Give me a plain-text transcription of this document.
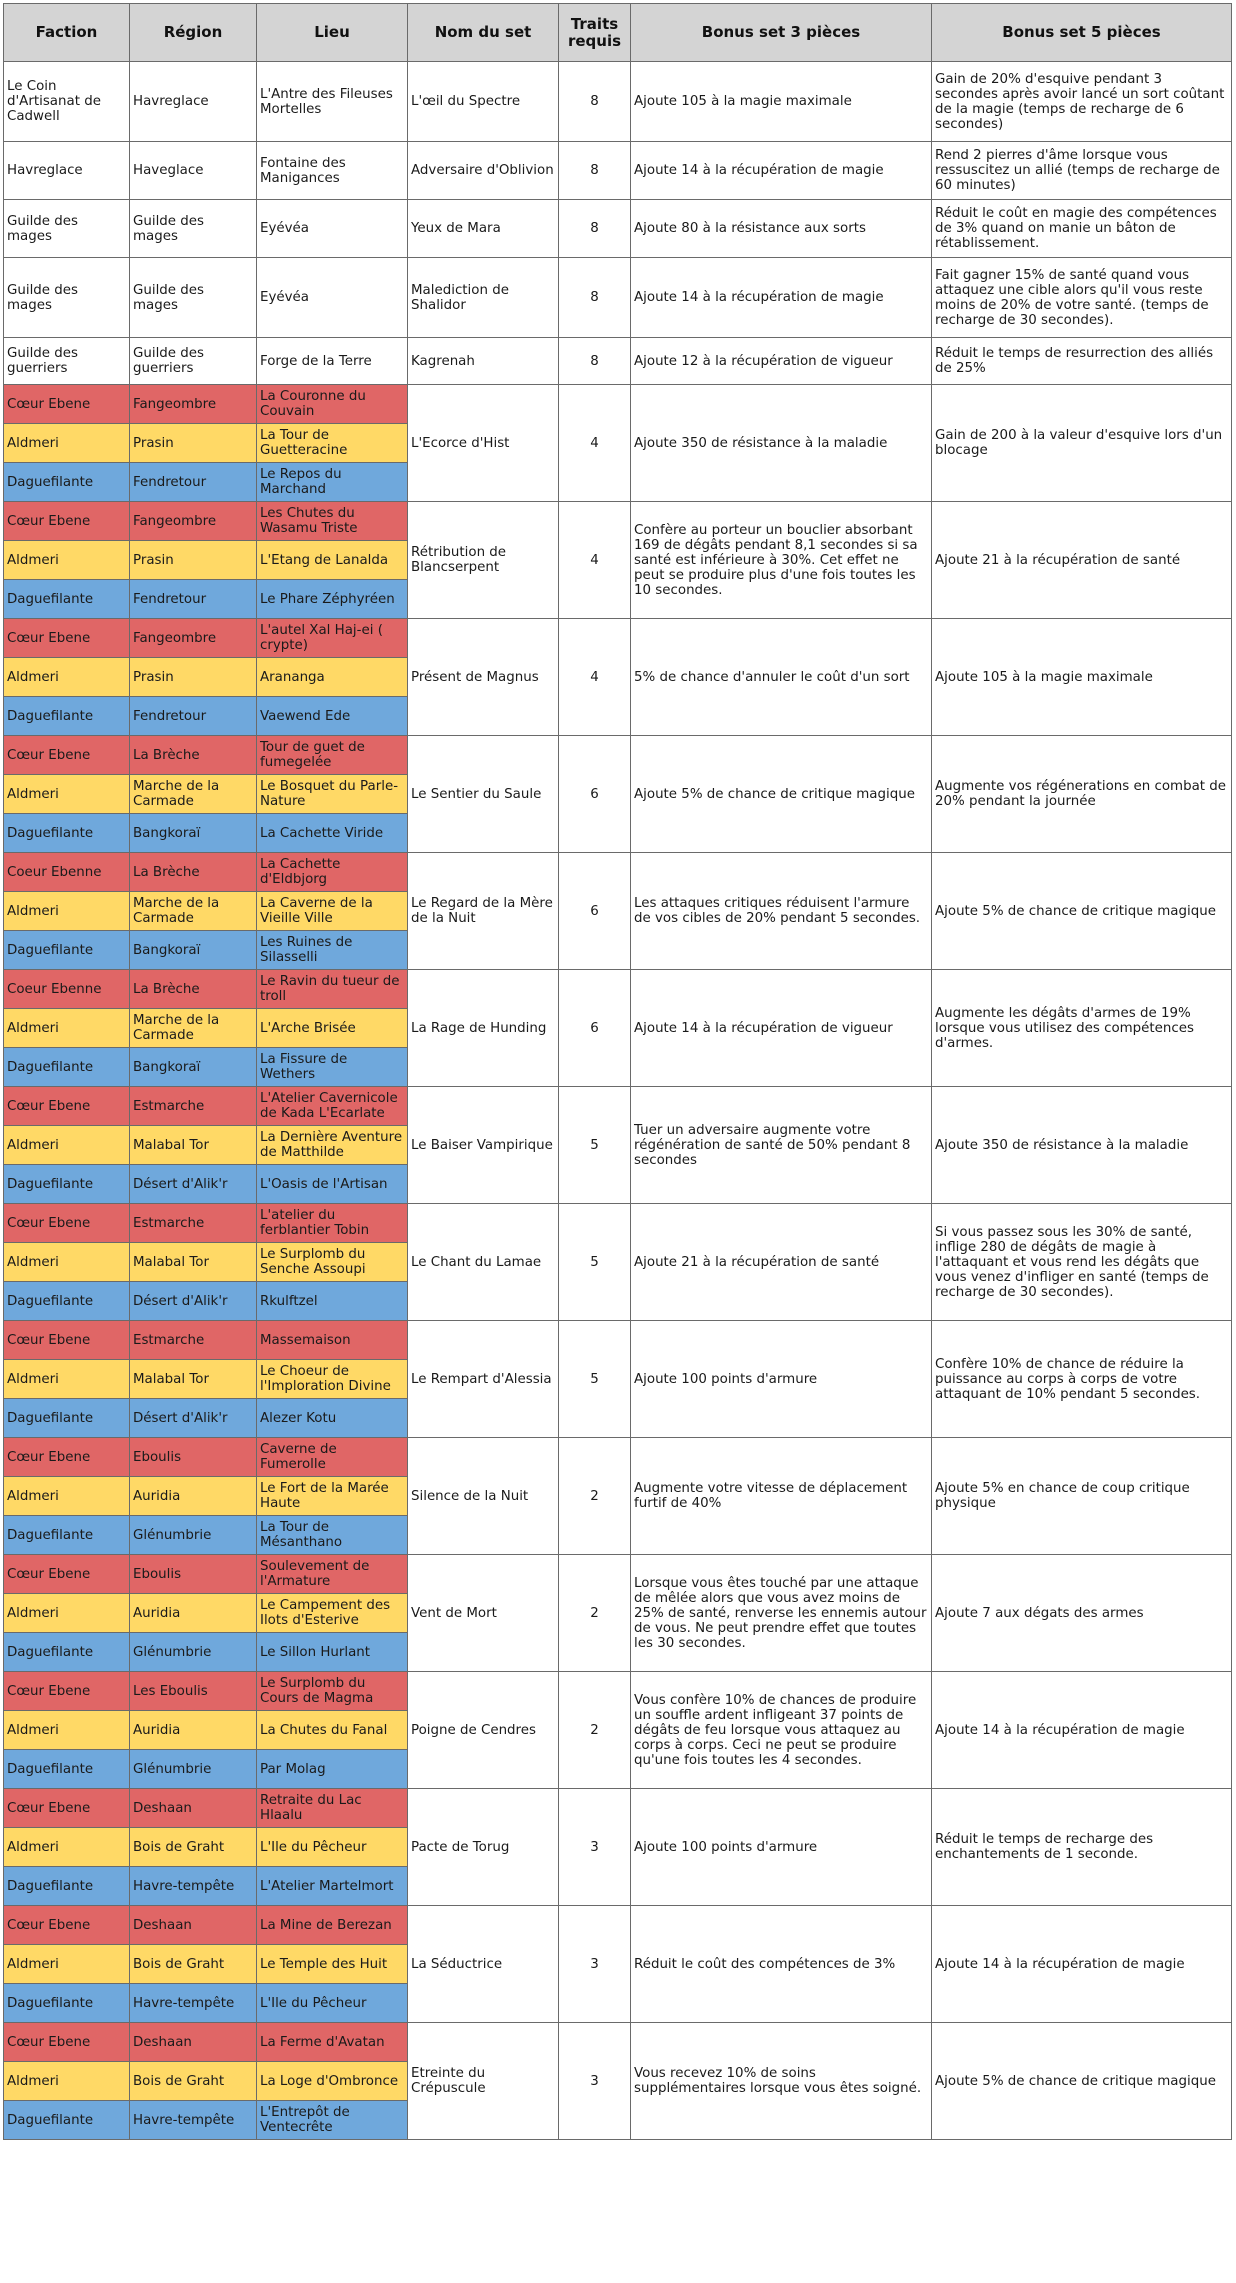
Faction	Région	Lieu	Nom du set	Traits requis	Bonus set 3 pièces	Bonus set 5 pièces
Le Coin d'Artisanat de Cadwell	Havreglace	L'Antre des Fileuses Mortelles	L'œil du Spectre	8	Ajoute 105 à la magie maximale	Gain de 20% d'esquive pendant 3 secondes après avoir lancé un sort coûtant de la magie (temps de recharge de 6 secondes)
Havreglace	Haveglace	Fontaine des Manigances	Adversaire d'Oblivion	8	Ajoute 14 à la récupération de magie	Rend 2 pierres d'âme lorsque vous ressuscitez un allié (temps de recharge de 60 minutes)
Guilde des mages	Guilde des mages	Eyévéa	Yeux de Mara	8	Ajoute 80 à la résistance aux sorts	Réduit le coût en magie des compétences de 3% quand on manie un bâton de rétablissement.
Guilde des mages	Guilde des mages	Eyévéa	Malediction de Shalidor	8	Ajoute 14 à la récupération de magie	Fait gagner 15% de santé quand vous attaquez une cible alors qu'il vous reste moins de 20% de votre santé. (temps de recharge de 30 secondes).
Guilde des guerriers	Guilde des guerriers	Forge de la Terre	Kagrenah	8	Ajoute 12 à la récupération de vigueur	Réduit le temps de resurrection des alliés de 25%
Cœur Ebene	Fangeombre	La Couronne du Couvain	L'Ecorce d'Hist	4	Ajoute 350 de résistance à la maladie	Gain de 200 à la valeur d'esquive lors d'un blocage
Aldmeri	Prasin	La Tour de Guetteracine				
Daguefilante	Fendretour	Le Repos du Marchand				
Cœur Ebene	Fangeombre	Les Chutes du Wasamu Triste	Rétribution de Blancserpent	4	Confère au porteur un bouclier absorbant 169 de dégâts pendant 8,1 secondes si sa santé est inférieure à 30%. Cet effet ne peut se produire plus d'une fois toutes les 10 secondes.	Ajoute 21 à la récupération de santé
Aldmeri	Prasin	L'Etang de Lanalda				
Daguefilante	Fendretour	Le Phare Zéphyréen				
Cœur Ebene	Fangeombre	L'autel Xal Haj-ei ( crypte)	Présent de Magnus	4	5% de chance d'annuler le coût d'un sort	Ajoute 105 à la magie maximale
Aldmeri	Prasin	Arananga				
Daguefilante	Fendretour	Vaewend Ede				
Cœur Ebene	La Brèche	Tour de guet de fumegelée	Le Sentier du Saule	6	Ajoute 5% de chance de critique magique	Augmente vos régénerations en combat de 20% pendant la journée
Aldmeri	Marche de la Carmade	Le Bosquet du Parle-Nature				
Daguefilante	Bangkoraï	La Cachette Viride				
Coeur Ebenne	La Brèche	La Cachette d'Eldbjorg	Le Regard de la Mère de la Nuit	6	Les attaques critiques réduisent l'armure de vos cibles de 20% pendant 5 secondes.	Ajoute 5% de chance de critique magique
Aldmeri	Marche de la Carmade	La Caverne de la Vieille Ville				
Daguefilante	Bangkoraï	Les Ruines de Silasselli				
Coeur Ebenne	La Brèche	Le Ravin du tueur de troll	La Rage de Hunding	6	Ajoute 14 à la récupération de vigueur	Augmente les dégâts d'armes de 19% lorsque vous utilisez des compétences d'armes.
Aldmeri	Marche de la Carmade	L'Arche Brisée				
Daguefilante	Bangkoraï	La Fissure de Wethers				
Cœur Ebene	Estmarche	L'Atelier Cavernicole de Kada L'Ecarlate	Le Baiser Vampirique	5	Tuer un adversaire augmente votre régénération de santé de 50% pendant 8 secondes	Ajoute 350 de résistance à la maladie
Aldmeri	Malabal Tor	La Dernière Aventure de Matthilde				
Daguefilante	Désert d'Alik'r	L'Oasis de l'Artisan				
Cœur Ebene	Estmarche	L'atelier du ferblantier Tobin	Le Chant du Lamae	5	Ajoute 21 à la récupération de santé	Si vous passez sous les 30% de santé, inflige 280 de dégâts de magie à l'attaquant et vous rend les dégâts que vous venez d'infliger en santé (temps de recharge de 30 secondes).
Aldmeri	Malabal Tor	Le Surplomb du Senche Assoupi				
Daguefilante	Désert d'Alik'r	Rkulftzel				
Cœur Ebene	Estmarche	Massemaison	Le Rempart d'Alessia	5	Ajoute 100 points d'armure	Confère 10% de chance de réduire la puissance au corps à corps de votre attaquant de 10% pendant 5 secondes.
Aldmeri	Malabal Tor	Le Choeur de l'Imploration Divine				
Daguefilante	Désert d'Alik'r	Alezer Kotu				
Cœur Ebene	Eboulis	Caverne de Fumerolle	Silence de la Nuit	2	Augmente votre vitesse de déplacement furtif de 40%	Ajoute 5% en chance de coup critique physique
Aldmeri	Auridia	Le Fort de la Marée Haute				
Daguefilante	Glénumbrie	La Tour de Mésanthano				
Cœur Ebene	Eboulis	Soulevement de l'Armature	Vent de Mort	2	Lorsque vous êtes touché par une attaque de mêlée alors que vous avez moins de 25% de santé, renverse les ennemis autour de vous. Ne peut prendre effet que toutes les 30 secondes.	Ajoute 7 aux dégats des armes
Aldmeri	Auridia	Le Campement des Ilots d'Esterive				
Daguefilante	Glénumbrie	Le Sillon Hurlant				
Cœur Ebene	Les Eboulis	Le Surplomb du Cours de Magma	Poigne de Cendres	2	Vous confère 10% de chances de produire un souffle ardent infligeant 37 points de dégâts de feu lorsque vous attaquez au corps à corps. Ceci ne peut se produire qu'une fois toutes les 4 secondes.	Ajoute 14 à la récupération de magie
Aldmeri	Auridia	La Chutes du Fanal				
Daguefilante	Glénumbrie	Par Molag				
Cœur Ebene	Deshaan	Retraite du Lac Hlaalu	Pacte de Torug	3	Ajoute 100 points d'armure	Réduit le temps de recharge des enchantements de 1 seconde.
Aldmeri	Bois de Graht	L'Ile du Pêcheur				
Daguefilante	Havre-tempête	L'Atelier Martelmort				
Cœur Ebene	Deshaan	La Mine de Berezan	La Séductrice	3	Réduit le coût des compétences de 3%	Ajoute 14 à la récupération de magie
Aldmeri	Bois de Graht	Le Temple des Huit				
Daguefilante	Havre-tempête	L'Ile du Pêcheur				
Cœur Ebene	Deshaan	La Ferme d'Avatan	Etreinte du Crépuscule	3	Vous recevez 10% de soins supplémentaires lorsque vous êtes soigné.	Ajoute 5% de chance de critique magique
Aldmeri	Bois de Graht	La Loge d'Ombronce				
Daguefilante	Havre-tempête	L'Entrepôt de Ventecrête				
